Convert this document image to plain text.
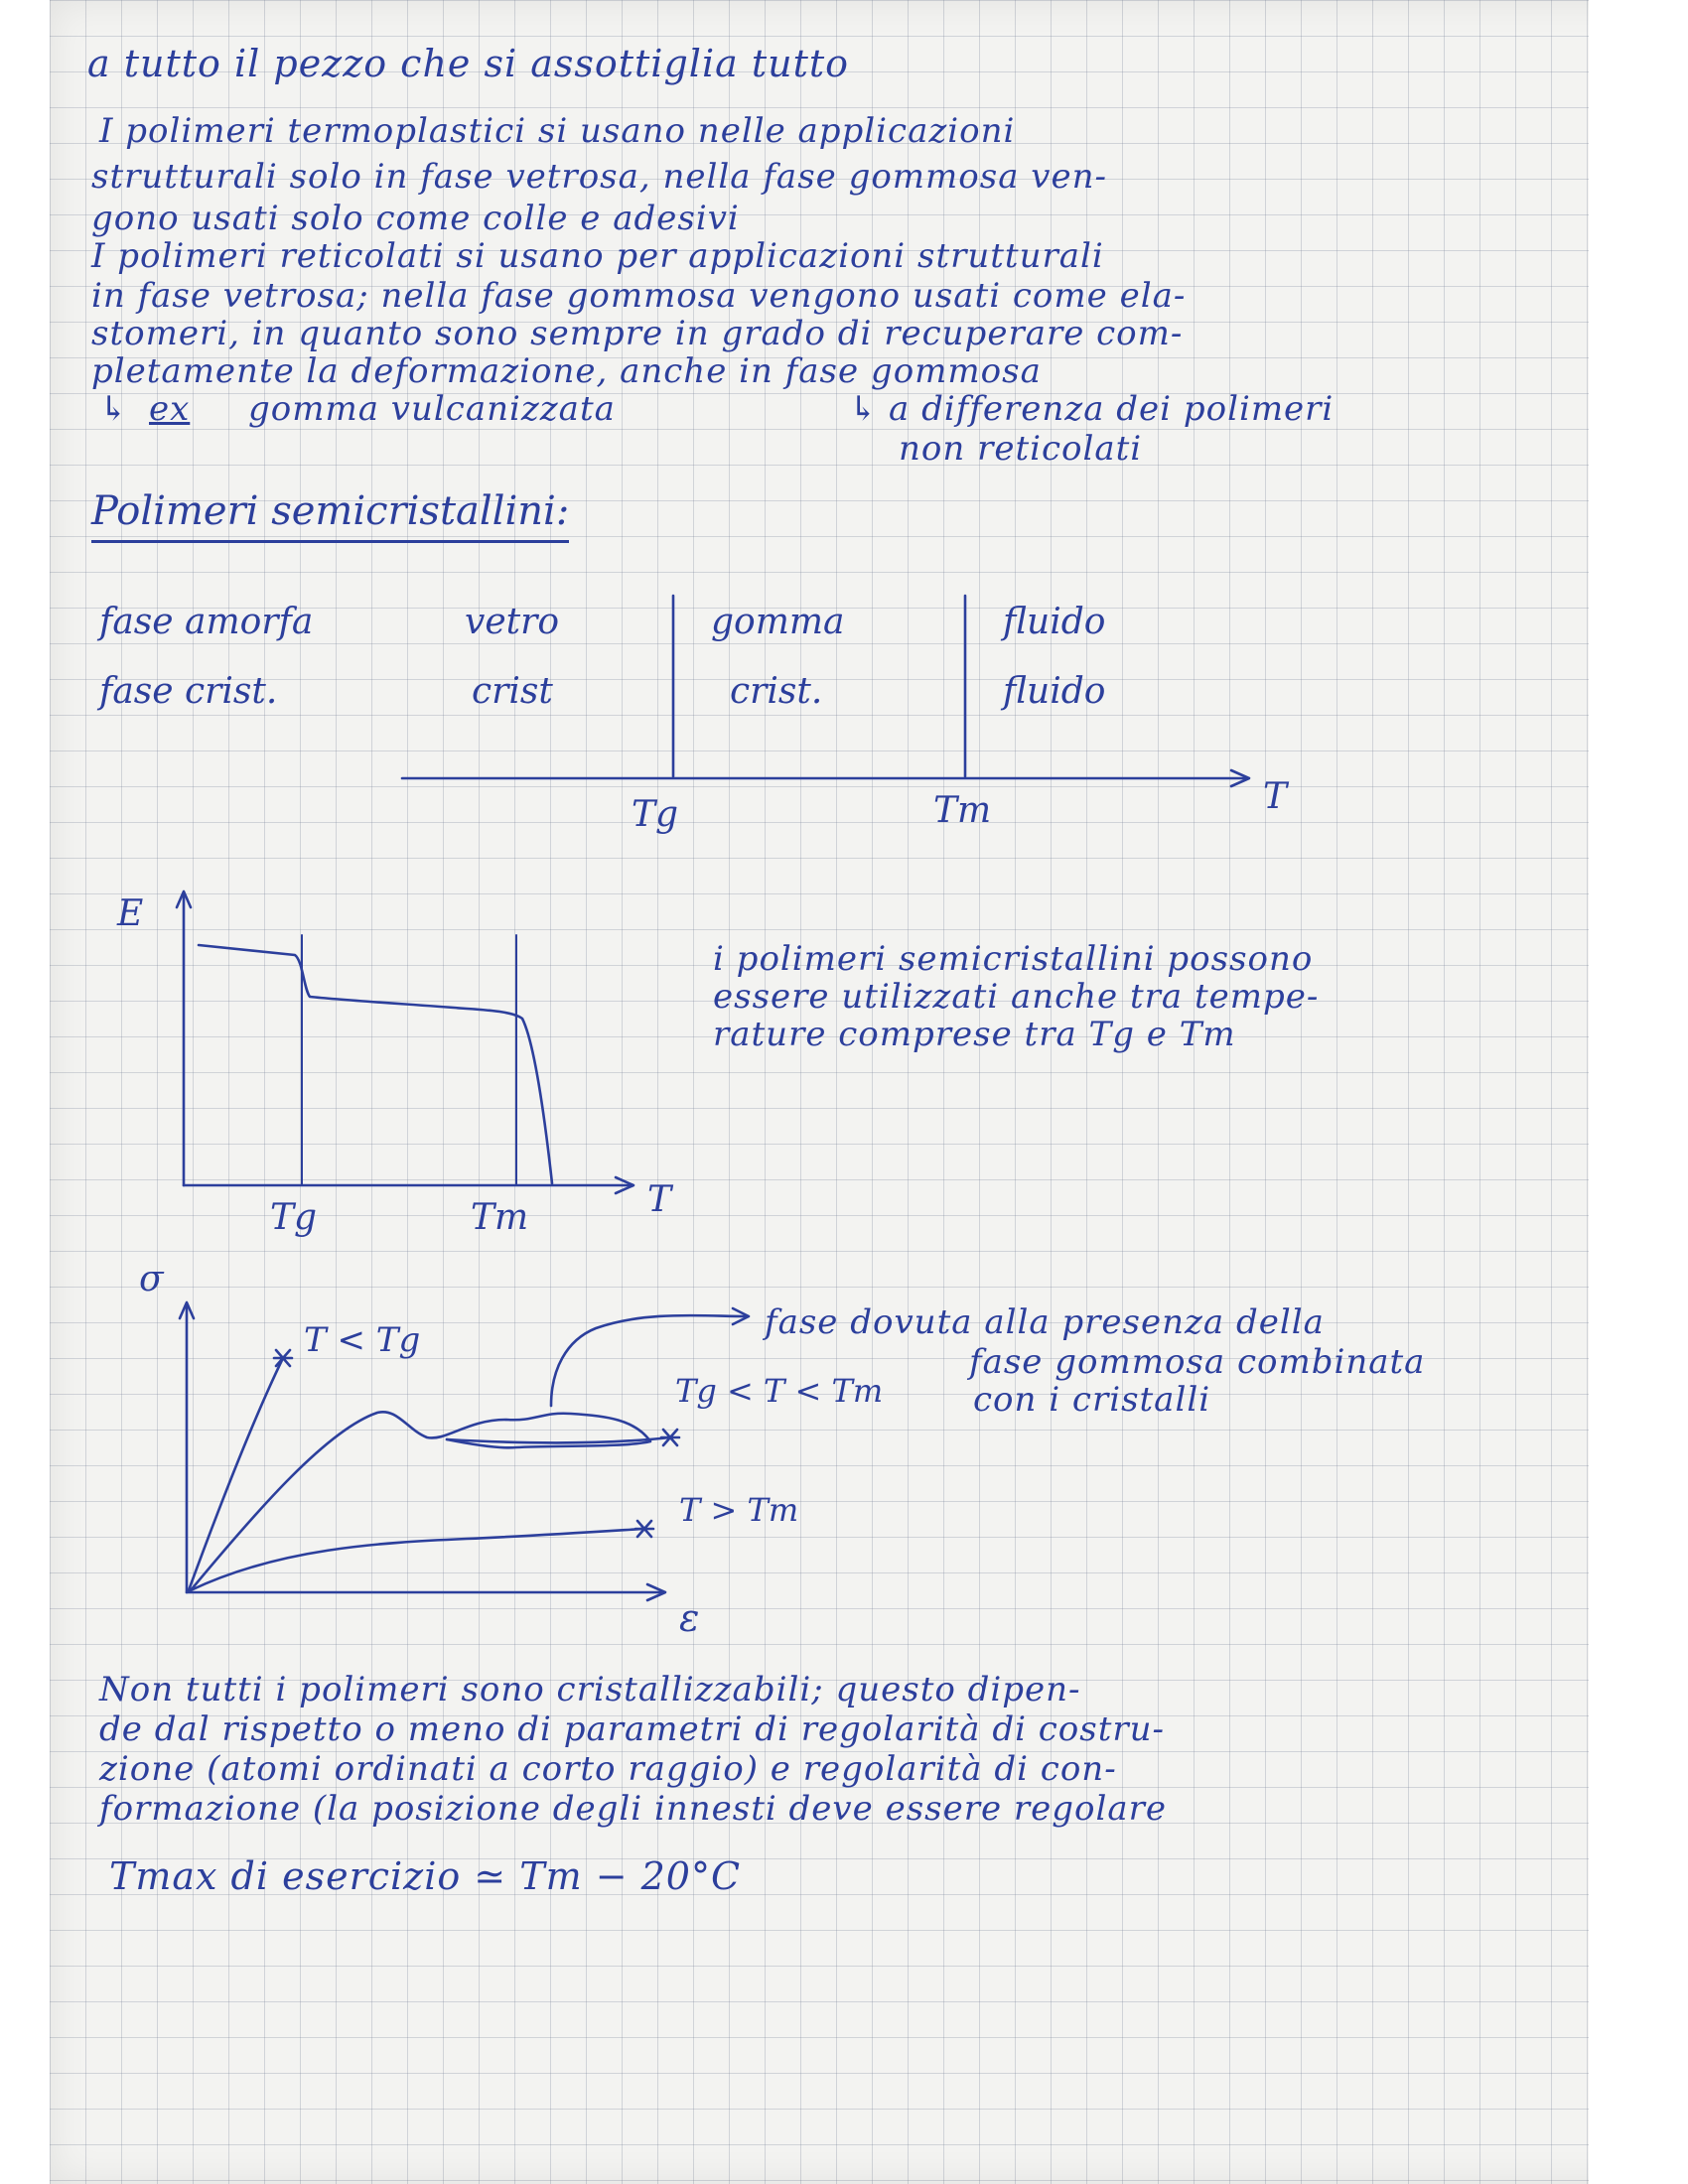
a tutto il pezzo che si assottiglia tutto
I polimeri termoplastici si usano nelle applicazioni
strutturali solo in fase vetrosa, nella fase gommosa ven-
gono usati solo come colle e adesivi
I polimeri reticolati si usano per applicazioni strutturali
in fase vetrosa; nella fase gommosa vengono usati come ela-
stomeri, in quanto sono sempre in grado di recuperare com-
pletamente la deformazione, anche in fase gommosa
↳ ex gomma vulcanizzata	↳ a differenza dei polimeri
non reticolati
Polimeri semicristallini:
fase amorfa	vetro	gomma	fluido
fase crist.	crist	crist.	fluido
Tg	Tm	T
E
T
Tg	Tm
i polimeri semicristallini possono
essere utilizzati anche tra tempe-
rature comprese tra Tg e Tm
σ
ε
T < Tg
Tg < T < Tm
T > Tm
fase dovuta alla presenza della
fase gommosa combinata
con i cristalli
Non tutti i polimeri sono cristallizzabili; questo dipen-
de dal rispetto o meno di parametri di regolarità di costru-
zione (atomi ordinati a corto raggio) e regolarità di con-
formazione (la posizione degli innesti deve essere regolare
Tmax di esercizio ≃ Tm − 20°C
